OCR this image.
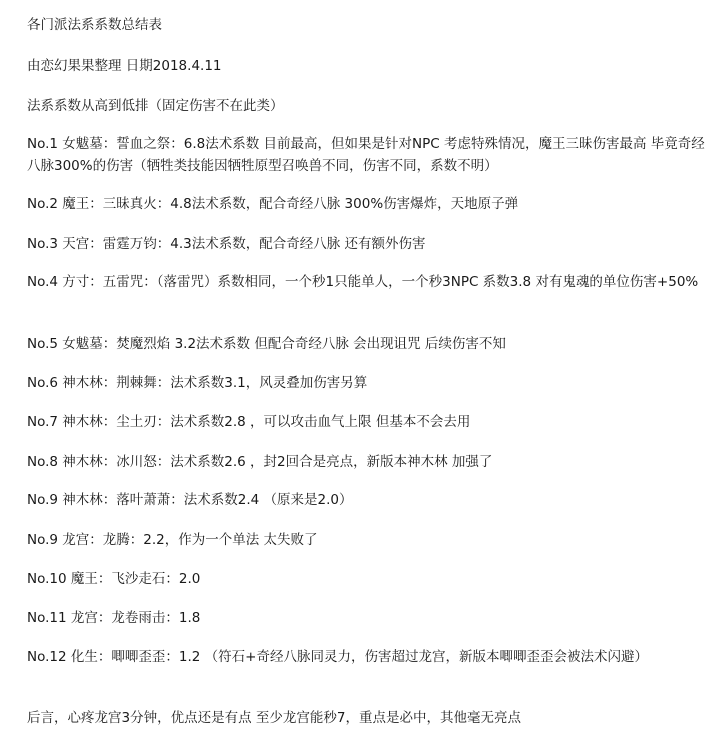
各门派法系系数总结表
由恋幻果果整理 日期2018.4.11
法系系数从高到低排（固定伤害不在此类）
No.1 女魃墓：誓血之祭：6.8法术系数 目前最高，但如果是针对NPC 考虑特殊情况，魔王三昧伤害最高 毕竟奇经八脉300%的伤害（牺牲类技能因牺牲原型召唤兽不同，伤害不同，系数不明）
No.2 魔王：三昧真火：4.8法术系数，配合奇经八脉 300%伤害爆炸，天地原子弹
No.3 天宫：雷霆万钧：4.3法术系数，配合奇经八脉 还有额外伤害
No.4 方寸：五雷咒：（落雷咒）系数相同，一个秒1只能单人，一个秒3NPC 系数3.8 对有鬼魂的单位伤害+50%
No.5 女魃墓：焚魔烈焰 3.2法术系数 但配合奇经八脉 会出现诅咒 后续伤害不知
No.6 神木林：荆棘舞：法术系数3.1，风灵叠加伤害另算
No.7 神木林：尘土刃：法术系数2.8 ，可以攻击血气上限 但基本不会去用
No.8 神木林：冰川怒：法术系数2.6 ，封2回合是亮点，新版本神木林 加强了
No.9 神木林：落叶萧萧：法术系数2.4 （原来是2.0）
No.9 龙宫：龙腾：2.2，作为一个单法 太失败了
No.10 魔王：飞沙走石：2.0
No.11 龙宫：龙卷雨击：1.8
No.12 化生：唧唧歪歪：1.2 （符石+奇经八脉同灵力，伤害超过龙宫，新版本唧唧歪歪会被法术闪避）
后言，心疼龙宫3分钟，优点还是有点 至少龙宫能秒7，重点是必中，其他毫无亮点
